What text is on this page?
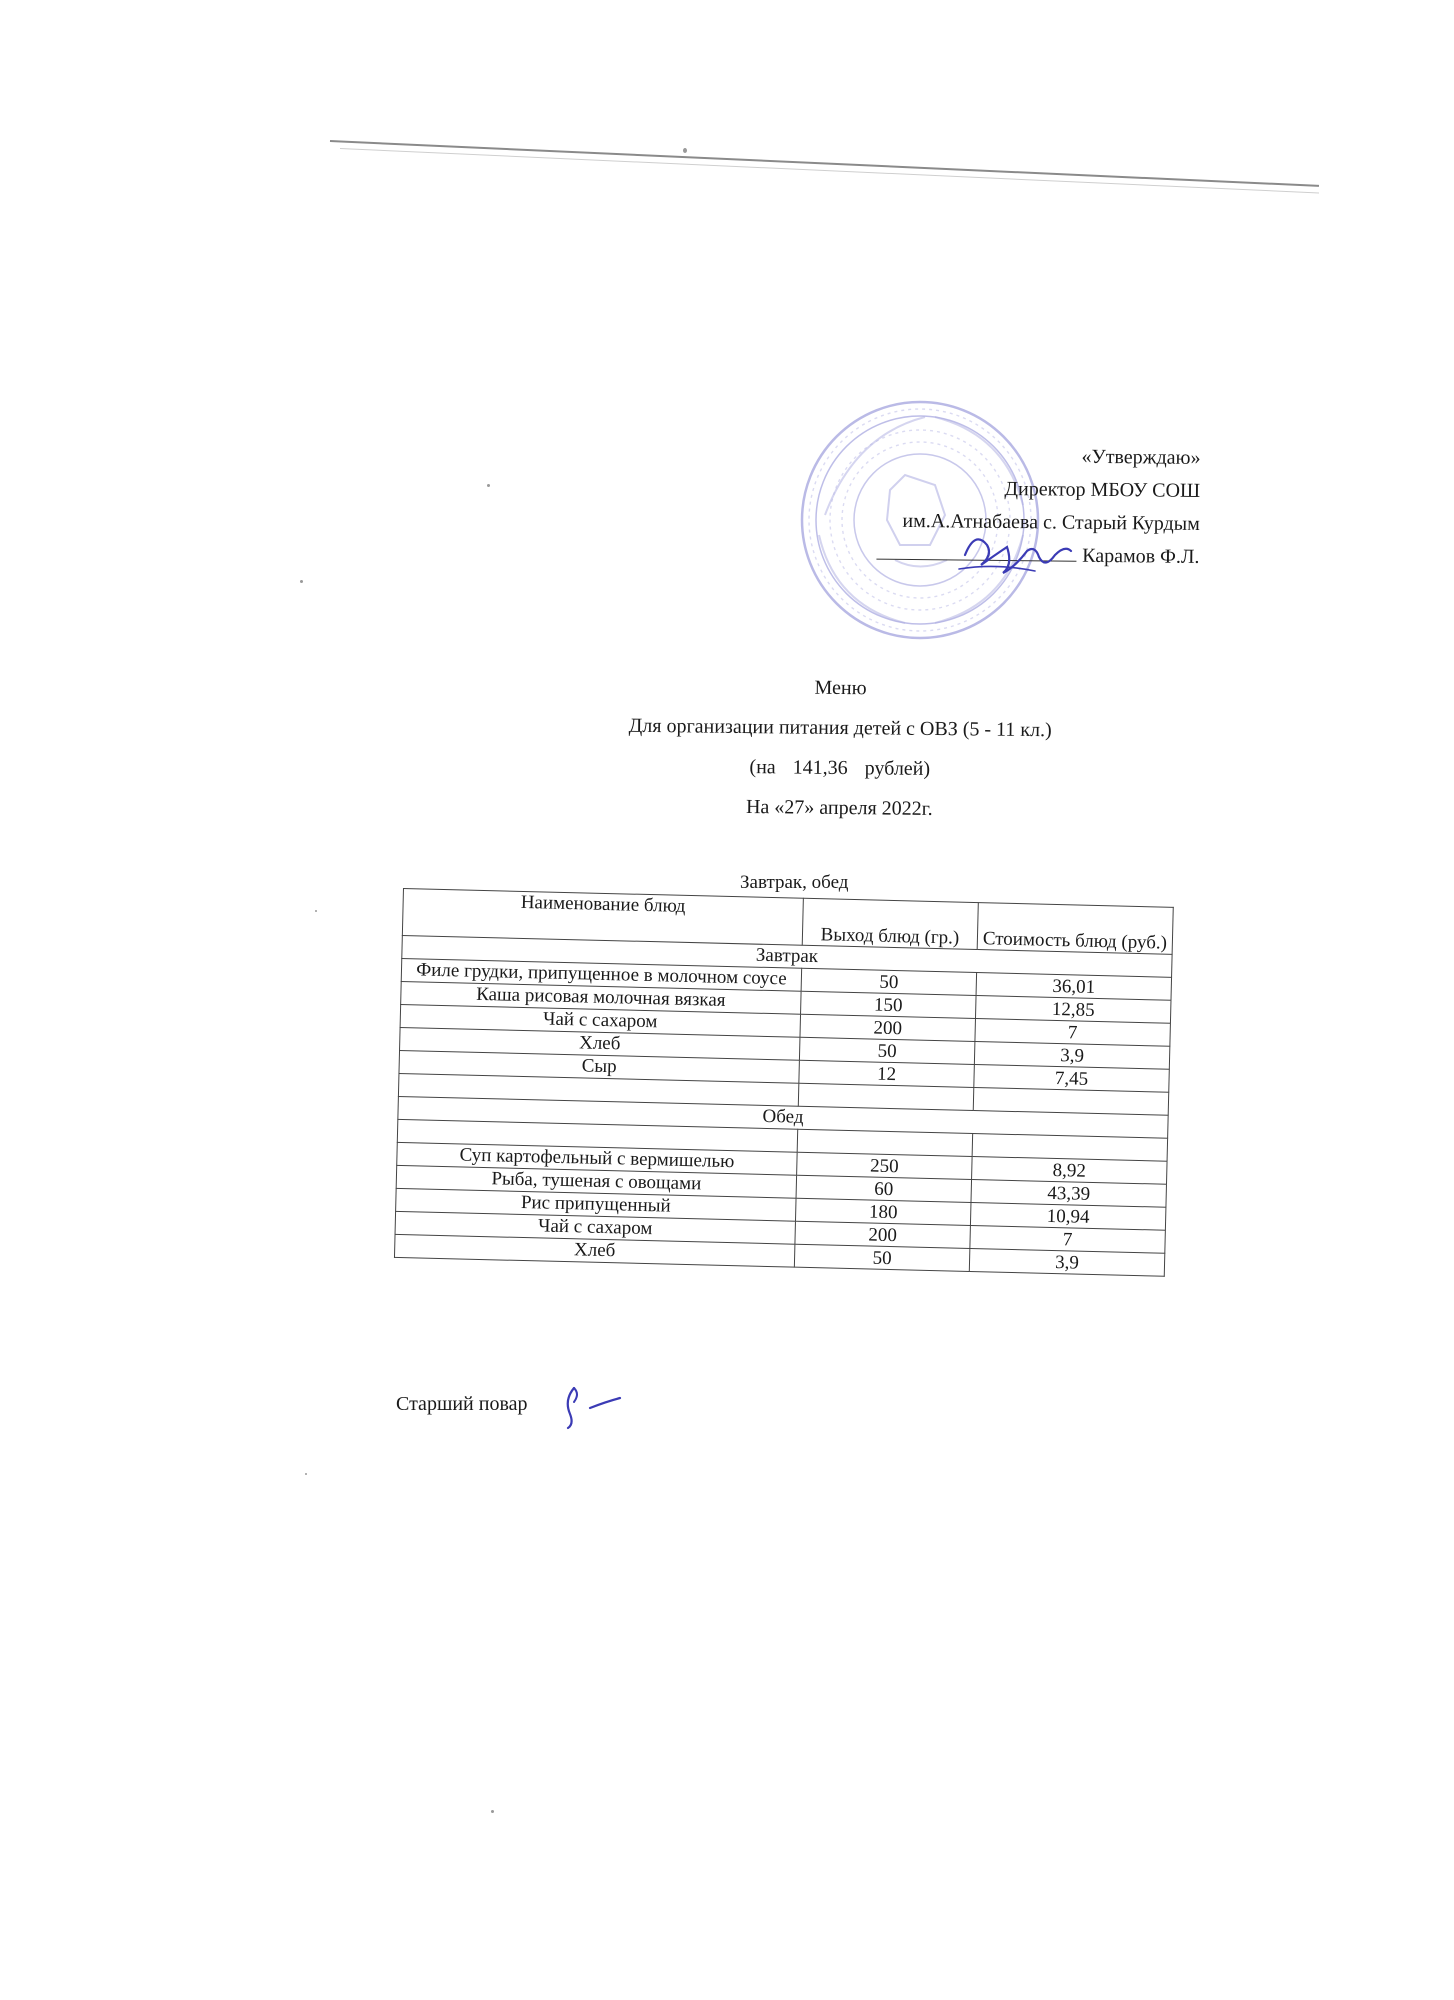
«Утверждаю»
Директор МБОУ СОШ
им.А.Атнабаева с. Старый Курдым
Карамов Ф.Л.
Меню
Для организации питания детей с ОВЗ (5 - 11 кл.)
(на 141,36 рублей)
На «27» апреля 2022г.
Завтрак, обед
Наименование блюд	Выход блюд (гр.)	Стоимость блюд (руб.)
Завтрак		
Филе грудки, припущенное в молочном соусе	50	36,01
Каша рисовая молочная вязкая	150	12,85
Чай с сахаром	200	7
Хлеб	50	3,9
Сыр	12	7,45

Обед		

Суп картофельный с вермишелью	250	8,92
Рыба, тушеная с овощами	60	43,39
Рис припущенный	180	10,94
Чай с сахаром	200	7
Хлеб	50	3,9
Старший повар
